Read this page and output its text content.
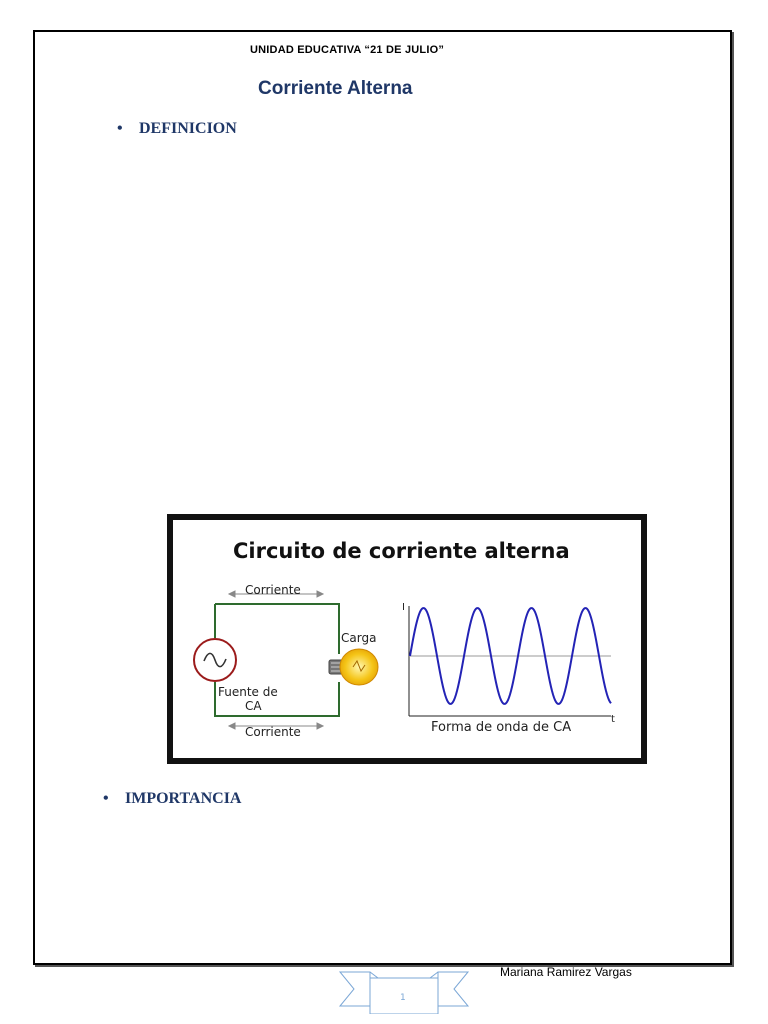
UNIDAD EDUCATIVA “21 DE JULIO”
Corriente Alterna
• DEFINICION
Circuito de corriente alterna
Corriente
Corriente
Fuente de
CA
Carga
I
t
Forma de onda de CA
• IMPORTANCIA
Mariana Ramirez Vargas
1
